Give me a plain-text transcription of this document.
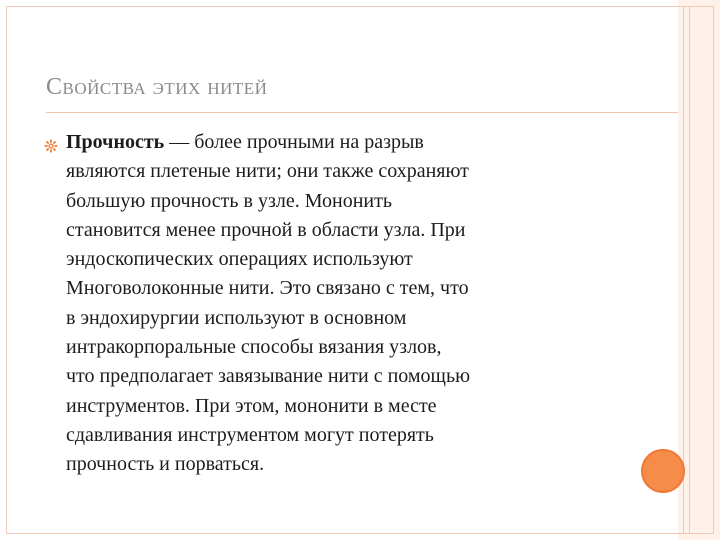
Свойства этих нитей

Прочность — более прочными на разрыв
являются плетеные нити; они также сохраняют
большую прочность в узле. Мононить
становится менее прочной в области узла. При
эндоскопических операциях используют
Многоволоконные нити. Это связано с тем, что
в эндохирургии используют в основном
интракорпоральные способы вязания узлов,
что предполагает завязывание нити с помощью
инструментов. При этом, мононити в месте
сдавливания инструментом могут потерять
прочность и порваться.
